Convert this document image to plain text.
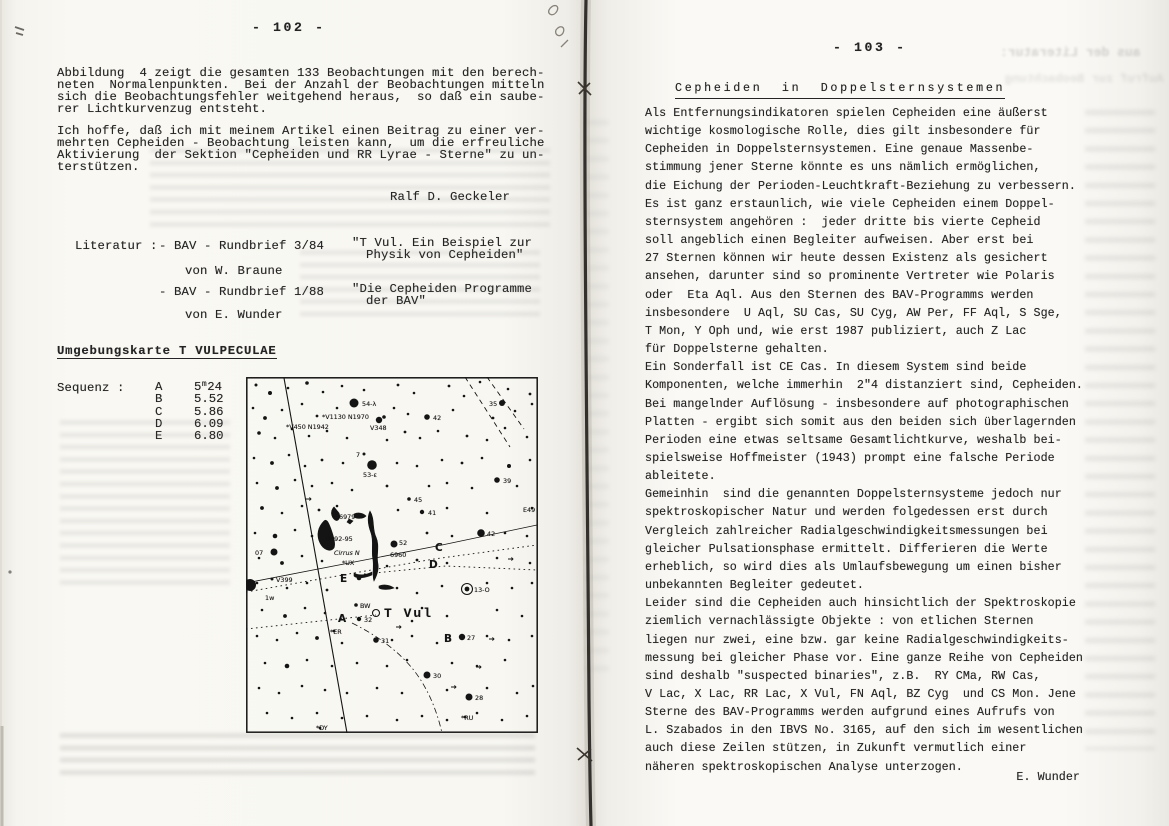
- 102 -
Abbildung  4 zeigt die gesamten 133 Beobachtungen mit den berech-
neten  Normalenpunkten.  Bei der Anzahl der Beobachtungen mitteln
sich die Beobachtungsfehler weitgehend heraus,  so daß ein saube-
rer Lichtkurvenzug entsteht.
Ich hoffe, daß ich mit meinem Artikel einen Beitrag zu einer ver-
mehrten Cepheiden - Beobachtung leisten kann,  um die erfreuliche
Aktivierung  der Sektion "Cepheiden und RR Lyrae - Sterne" zu un-
terstützen.
Ralf D. Geckeler
Literatur : - BAV - Rundbrief 3/84 "T Vul. Ein Beispiel zur
Physik von Cepheiden"
von W. Braune
- BAV - Rundbrief 1/88 "Die Cepheiden Programme
der BAV"
von E. Wunder
Umgebungskarte T VULPECULAE
Sequenz : A	5$^m$24
B	5.52
C	5.86
D	6.09
E	6.80
54-λ
V348
42
35
7
53-ε
39
45
41
42
E49
07
V399
1w
*V450 N1942
*V1130 N1970
6979
6992-95
Cirrus N
*UX
52
6960
BW
32
31
*ER
27
13-O
30
28
*RU
*DY
C
D
E
A
B
T Vul
- 103 -
Cepheiden  in  Doppelsternsystemen
Als Entfernungsindikatoren spielen Cepheiden eine äußerst
wichtige kosmologische Rolle, dies gilt insbesondere für
Cepheiden in Doppelsternsystemen. Eine genaue Massenbe-
stimmung jener Sterne könnte es uns nämlich ermöglichen,
die Eichung der Perioden-Leuchtkraft-Beziehung zu verbessern.
Es ist ganz erstaunlich, wie viele Cepheiden einem Doppel-
sternsystem angehören :  jeder dritte bis vierte Cepheid
soll angeblich einen Begleiter aufweisen. Aber erst bei
27 Sternen können wir heute dessen Existenz als gesichert
ansehen, darunter sind so prominente Vertreter wie Polaris
oder  Eta Aql. Aus den Sternen des BAV-Programms werden
insbesondere  U Aql, SU Cas, SU Cyg, AW Per, FF Aql, S Sge,
T Mon, Y Oph und, wie erst 1987 publiziert, auch Z Lac
für Doppelsterne gehalten.
Ein Sonderfall ist CE Cas. In diesem System sind beide
Komponenten, welche immerhin  2"4 distanziert sind, Cepheiden.
Bei mangelnder Auflösung - insbesondere auf photographischen
Platten - ergibt sich somit aus den beiden sich überlagernden
Perioden eine etwas seltsame Gesamtlichtkurve, weshalb bei-
spielsweise Hoffmeister (1943) prompt eine falsche Periode
ableitete.
Gemeinhin  sind die genannten Doppelsternsysteme jedoch nur
spektroskopischer Natur und werden folgedessen erst durch
Vergleich zahlreicher Radialgeschwindigkeitsmessungen bei
gleicher Pulsationsphase ermittelt. Differieren die Werte
erheblich, so wird dies als Umlaufsbewegung um einen bisher
unbekannten Begleiter gedeutet.
Leider sind die Cepheiden auch hinsichtlich der Spektroskopie
ziemlich vernachlässigte Objekte : von etlichen Sternen
liegen nur zwei, eine bzw. gar keine Radialgeschwindigkeits-
messung bei gleicher Phase vor. Eine ganze Reihe von Cepheiden
sind deshalb "suspected binaries", z.B.  RY CMa, RW Cas,
V Lac, X Lac, RR Lac, X Vul, FN Aql, BZ Cyg  und CS Mon. Jene
Sterne des BAV-Programms werden aufgrund eines Aufrufs von
L. Szabados in den IBVS No. 3165, auf den sich im wesentlichen
auch diese Zeilen stützen, in Zukunft vermutlich einer
näheren spektroskopischen Analyse unterzogen.
E. Wunder
aus der Literatur:
Aufruf zur Beobachtung
